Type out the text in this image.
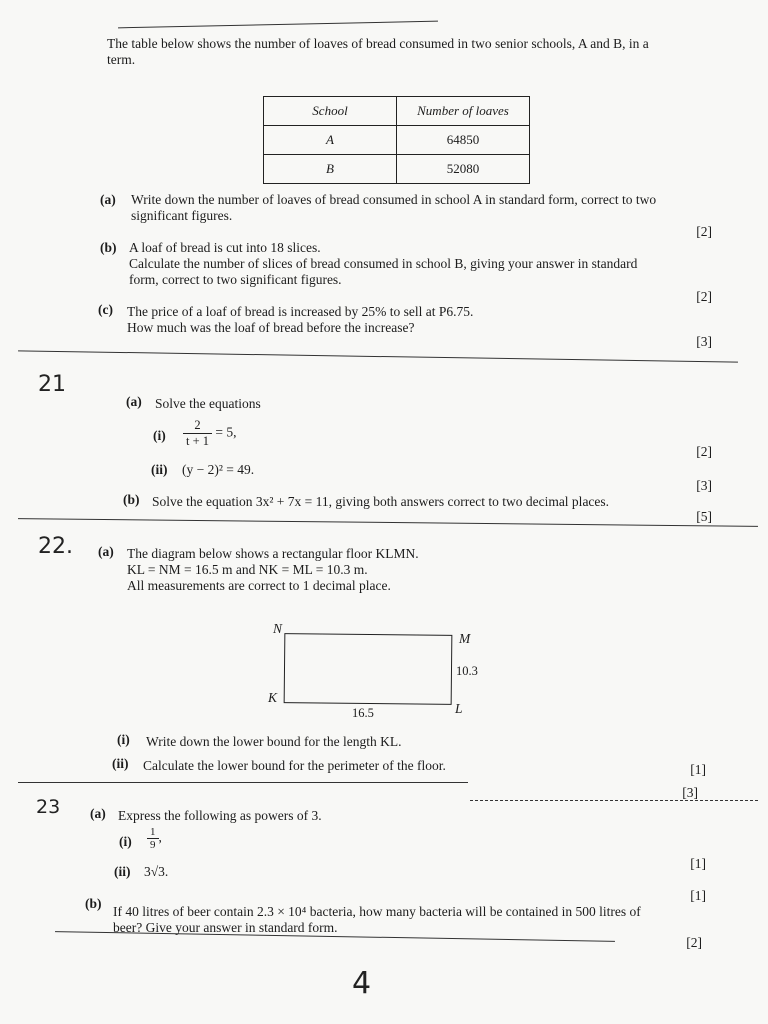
The table below shows the number of loaves of bread consumed in two senior schools, A and B, in a
term.
School	Number of loaves
A	64850
B	52080
(a) Write down the number of loaves of bread consumed in school A in standard form, correct to two
significant figures.
[2]
(b) A loaf of bread is cut into 18 slices.
Calculate the number of slices of bread consumed in school B, giving your answer in standard
form, correct to two significant figures.
[2]
(c) The price of a loaf of bread is increased by 25% to sell at P6.75.
How much was the loaf of bread before the increase?
[3]
21
(a) Solve the equations
$(i) \frac{2}{t + 1} = 5$,
[2]
(ii) (y − 2)² = 49.
[3]
(b) Solve the equation 3x² + 7x = 11, giving both answers correct to two decimal places.
[5]
22. (a) The diagram below shows a rectangular floor KLMN.
KL = NM = 16.5 m and NK = ML = 10.3 m.
All measurements are correct to 1 decimal place.
N
M
K
L
10.3
16.5
(i) Write down the lower bound for the length KL.
[1]
(ii) Calculate the lower bound for the perimeter of the floor.
[3]
23 (a) Express the following as powers of 3.
$(i) \frac{1}{9}$ ,
[1]
(ii) 3√3.
[1]
(b)
If 40 litres of beer contain 2.3 × 10⁴ bacteria, how many bacteria will be contained in 500 litres of
beer? Give your answer in standard form.
[2]
4
